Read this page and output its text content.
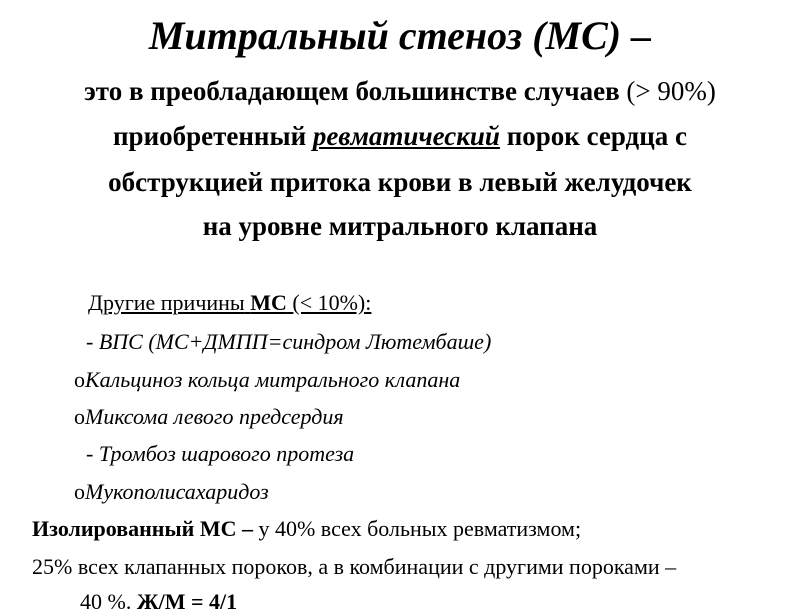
Митральный стеноз (МС) –
это в преобладающем большинстве случаев (> 90%)
приобретенный ревматический порок сердца с
обструкцией притока крови в левый желудочек
на уровне митрального клапана
Другие причины МС (< 10%):
- ВПС (МС+ДМПП=синдром Лютембаше)
oКальциноз кольца митрального клапана
oМиксома левого предсердия
- Тромбоз шарового протеза
oМукополисахаридоз
Изолированный МС – у 40% всех больных ревматизмом;
25% всех клапанных пороков, а в комбинации с другими пороками –
40 %. Ж/М = 4/1
